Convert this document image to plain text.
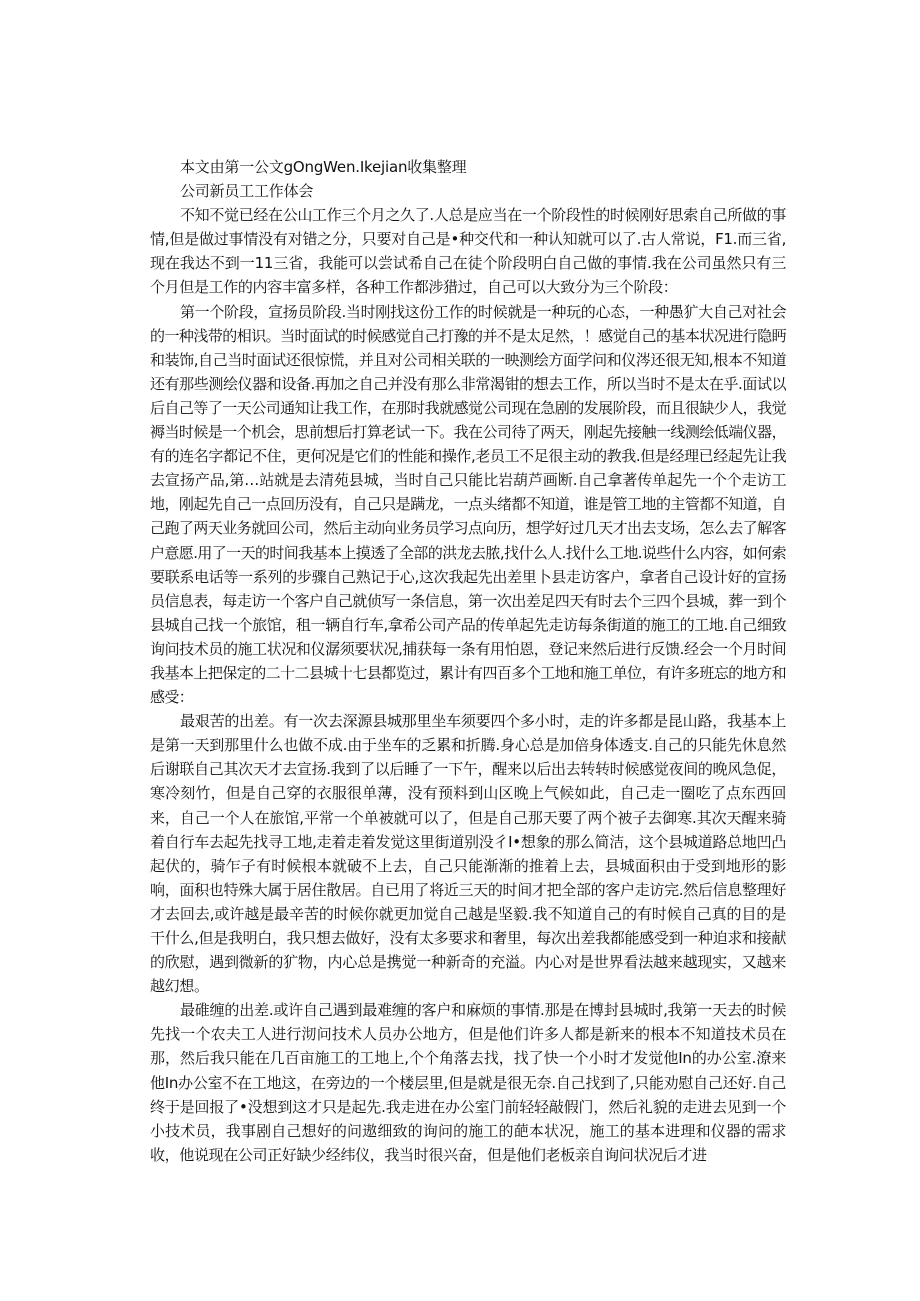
本文由第一公文gOngWen.Ikejian收集整理
公司新员工工作体会

不知不觉已经在公山工作三个月之久了.人总是应当在一个阶段性的时候刚好思索自己所做的事情,但是做过事情没有对错之分，只要对自己是•种交代和一种认知就可以了.古人常说，F1.而三省,现在我达不到一11三省，我能可以尝试希自己在徒个阶段明白自己做的事情.我在公司虽然只有三个月但是工作的内容丰富多样，各种工作都涉猎过，自己可以大致分为三个阶段：

第一个阶段，宣扬员阶段.当时刚找这份工作的时候就是一种玩的心态，一种愚犷大自己对社会的一种浅带的相识。当时面试的时候感觉自己打豫的并不是太足然，！感觉自己的基本状况进行隐眄和装饰,自己当时面试还很惊慌，并且对公司相关联的一映测绘方面学问和仪涔还很无知,根本不知道还有那些测绘仪器和设备.再加之自己并没有那么非常渴钳的想去工作，所以当时不是太在乎.面试以后自己等了一天公司通知让我工作，在那时我就感觉公司现在急剧的发展阶段，而且很缺少人，我觉褥当时候是一个机会，思前想后打算老试一下。我在公司待了两天，刚起先接触一线测绘低端仪器，有的连名字都记不住，更何况是它们的性能和操作,老员工不足很主动的教我.但是经理已经起先让我去宣扬产品,第…站就是去清苑县城，当时自己只能比岩葫芦画断.自己拿著传单起先一个个走访工地，刚起先自己一点回历没有，自己只是蹒龙，一点头绪都不知道，谁是管工地的主管都不知道，自己跑了两天业务就回公司，然后主动向业务员学习点向历，想学好过几天才出去支场，怎么去了解客户意愿.用了一天的时间我基本上摸透了全部的洪龙去脓,找什么人.找什么工地.说些什么内容，如何索要联系电话等一系列的步骤自己熟记于心,这次我起先出差里卜县走访客户，拿者自己设计好的宣扬员信息表，每走访一个客户自己就侦写一条信息，第一次出差足四天有时去个三四个县城，葬一到个县城自己找一个旅馆，租一辆自行车,拿希公司产品的传单起先走访每条街道的施工的工地.自己细致询问技术员的施工状况和仪潺须要状况,捕获每一条有用怕恩，登记来然后进行反馈.经会一个月时间我基本上把保定的二十二县城十七县都览过，累计有四百多个工地和施工单位，有许多班忘的地方和感受：

最艰苦的出差。有一次去深源县城那里坐车须要四个多小时，走的许多都是昆山路，我基本上是第一天到那里什么也做不成.由于坐车的乏累和折腾.身心总是加倍身体透支.自己的只能先休息然后谢联自己其次天才去宣扬.我到了以后睡了一下午，醒来以后出去转转时候感觉夜间的晚风急促，寒冷刻竹，但是自己穿的衣服很单薄，没有预料到山区晚上气候如此，自己走一圈吃了点东西回来，自己一个人在旅馆,平常一个单被就可以了，但是自己那天要了两个被子去御寒.其次天醒来骑着自行车去起先找寻工地,走着走着发觉这里街道别没彳I•想象的那么简洁，这个县城道路总地凹凸起伏的，骑乍子有时候根本就破不上去，自己只能渐渐的推着上去，县城面积由于受到地形的影响，面积也特殊大属于居住散居。自已用了将近三天的时间才把全部的客户走访完.然后信息整理好才去回去,或许越是最辛苦的时候你就更加觉自己越是坚毅.我不知道自己的有时候自己真的目的是干什么,但是我明白，我只想去做好，没有太多要求和奢里，每次出差我都能感受到一种迫求和接献的欣慰，遇到微新的犷物，内心总是携觉一种新奇的充溢。内心对是世界看法越来越现实，又越来越幻想。

最碓缠的出差.或许自己遇到最难缠的客户和麻烦的事情.那是在博封县城时,我第一天去的时候先找一个农夫工人进行沏问技术人员办公地方，但是他们许多人都是新来的根本不知道技术员在那，然后我只能在几百亩施工的工地上,个个角落去找，找了快一个小时才发觉他In的办公室.潦来他In办公室不在工地这，在旁边的一个楼层里,但是就是很无奈.自己找到了,只能劝慰自己还好.自己终于是回报了•没想到这才只是起先.我走进在办公室门前轻轻敲假门，然后礼貌的走进去见到一个小技术员，我事剧自己想好的问遨细致的询问的施工的葩本状况，施工的基本进理和仪器的需求收，他说现在公司正好缺少经纬仪，我当时很兴奋，但是他们老板亲自询问状况后才进
